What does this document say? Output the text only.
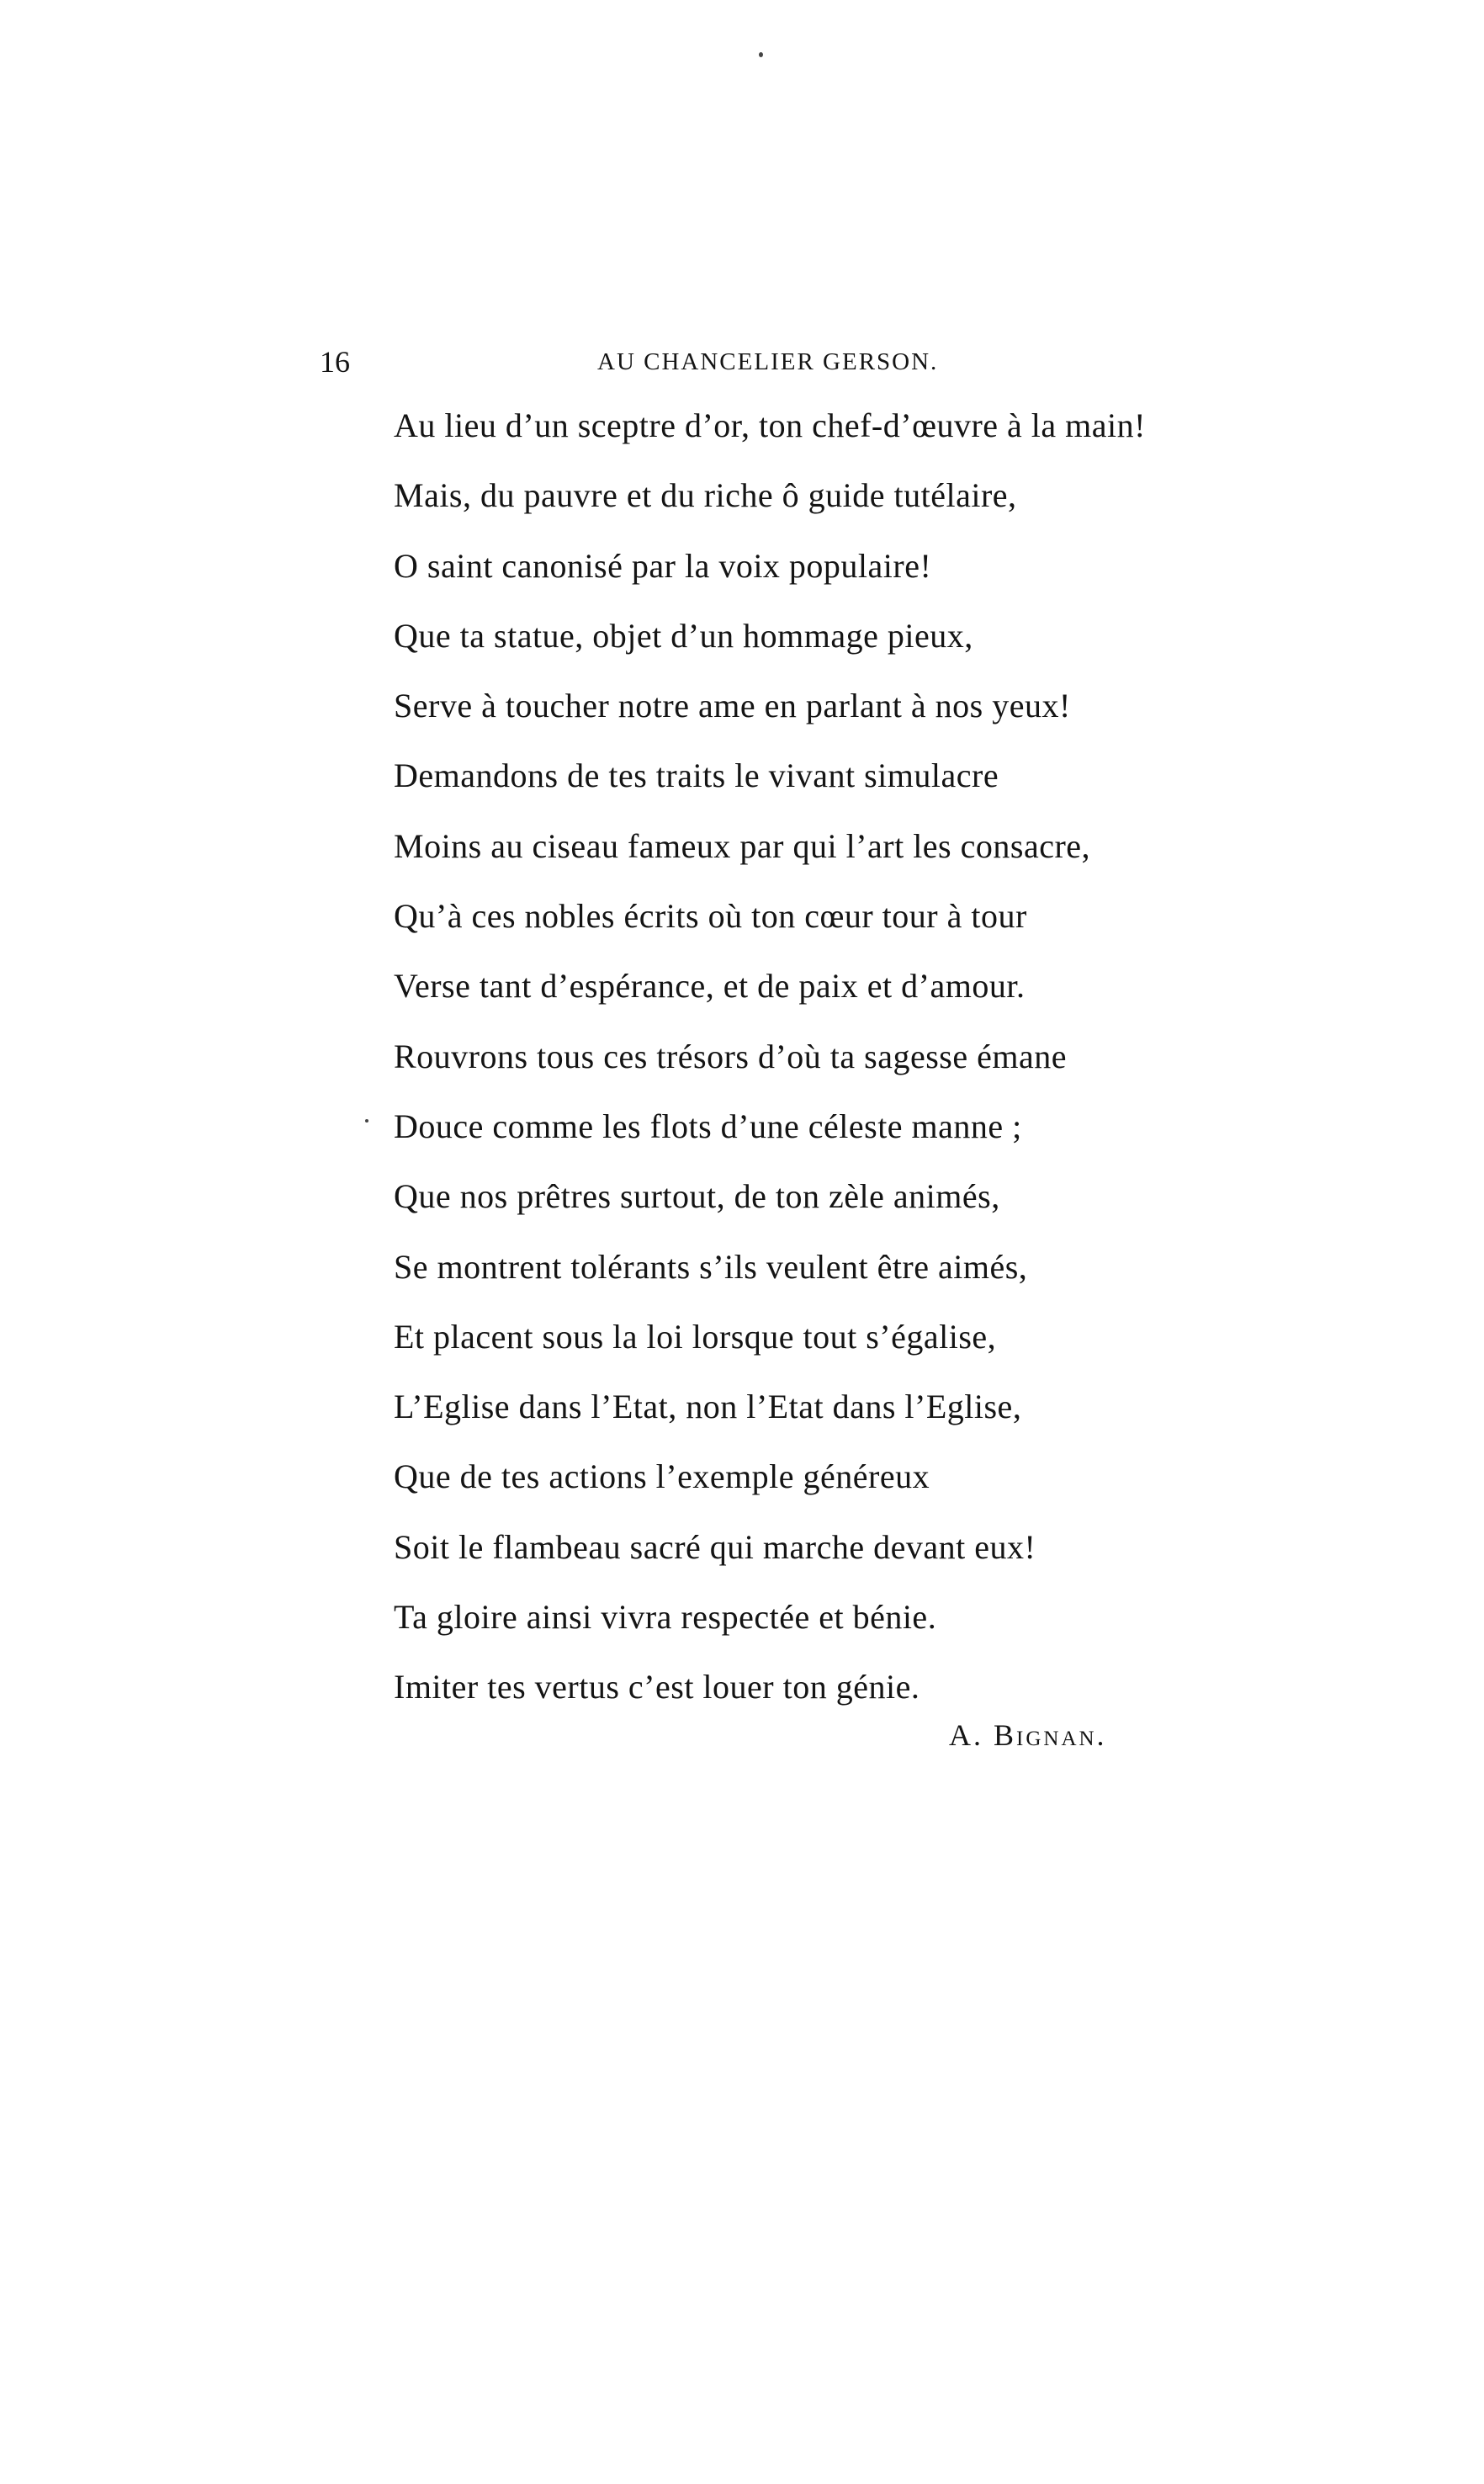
16	AU CHANCELIER GERSON.
Au lieu d’un sceptre d’or, ton chef-d’œuvre à la main!
Mais, du pauvre et du riche ô guide tutélaire,
O saint canonisé par la voix populaire!
Que ta statue, objet d’un hommage pieux,
Serve à toucher notre ame en parlant à nos yeux!
Demandons de tes traits le vivant simulacre
Moins au ciseau fameux par qui l’art les consacre,
Qu’à ces nobles écrits où ton cœur tour à tour
Verse tant d’espérance, et de paix et d’amour.
Rouvrons tous ces trésors d’où ta sagesse émane
Douce comme les flots d’une céleste manne ;
Que nos prêtres surtout, de ton zèle animés,
Se montrent tolérants s’ils veulent être aimés,
Et placent sous la loi lorsque tout s’égalise,
L’Eglise dans l’Etat, non l’Etat dans l’Eglise,
Que de tes actions l’exemple généreux
Soit le flambeau sacré qui marche devant eux!
Ta gloire ainsi vivra respectée et bénie.
Imiter tes vertus c’est louer ton génie.
A. Bignan.
